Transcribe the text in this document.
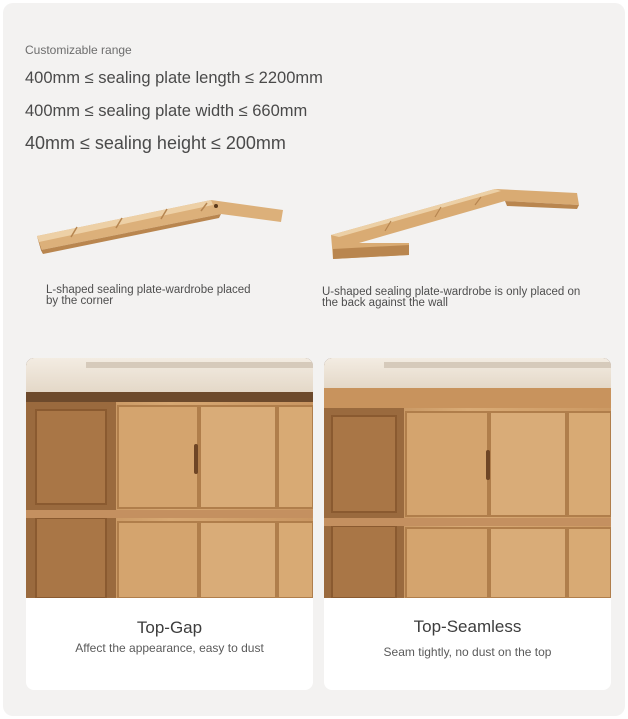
Customizable range
400mm ≤ sealing plate length ≤ 2200mm
400mm ≤ sealing plate width ≤ 660mm
40mm ≤ sealing height ≤ 200mm
L-shaped sealing plate-wardrobe placed
by the corner
U-shaped sealing plate-wardrobe is only placed on
the back against the wall
Top-Gap
Affect the appearance, easy to dust
Top-Seamless
Seam tightly, no dust on the top
